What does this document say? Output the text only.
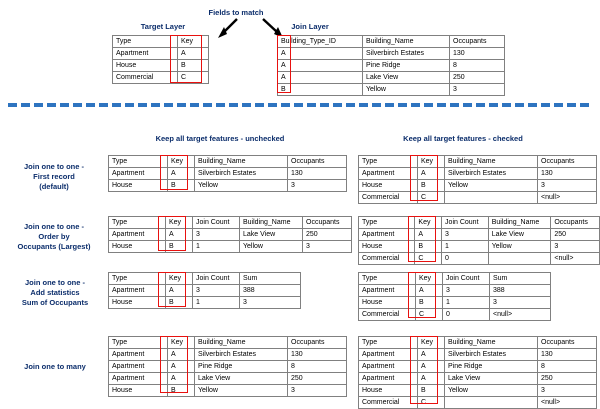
Target Layer
Fields to match
Join Layer
Type	Key
Apartment	A
House	B
Commercial	C
Building_Type_ID	Building_Name	Occupants
A	Silverbirch Estates	130
A	Pine Ridge	8
A	Lake View	250
B	Yellow	3
Keep all target features - unchecked	Keep all target features - checked
Join one to one -
First record
(default)
Type	Key	Building_Name	Occupants
Apartment	A	Silverbirch Estates	130
House	B	Yellow	3
Type	Key	Building_Name	Occupants
Apartment	A	Silverbirch Estates	130
House	B	Yellow	3
Commercial	C		<null>
Join one to one -
Order by
Occupants (Largest)
Type	Key	Join Count	Building_Name	Occupants
Apartment	A	3	Lake View	250
House	B	1	Yellow	3
Type	Key	Join Count	Building_Name	Occupants
Apartment	A	3	Lake View	250
House	B	1	Yellow	3
Commercial	C	0		<null>
Join one to one -
Add statistics
Sum of Occupants
Type	Key	Join Count	Sum
Apartment	A	3	388
House	B	1	3
Type	Key	Join Count	Sum
Apartment	A	3	388
House	B	1	3
Commercial	C	0	<null>
Join one to many
Type	Key	Building_Name	Occupants
Apartment	A	Silverbirch Estates	130
Apartment	A	Pine Ridge	8
Apartment	A	Lake View	250
House	B	Yellow	3
Type	Key	Building_Name	Occupants
Apartment	A	Silverbirch Estates	130
Apartment	A	Pine Ridge	8
Apartment	A	Lake View	250
House	B	Yellow	3
Commercial	C		<null>
